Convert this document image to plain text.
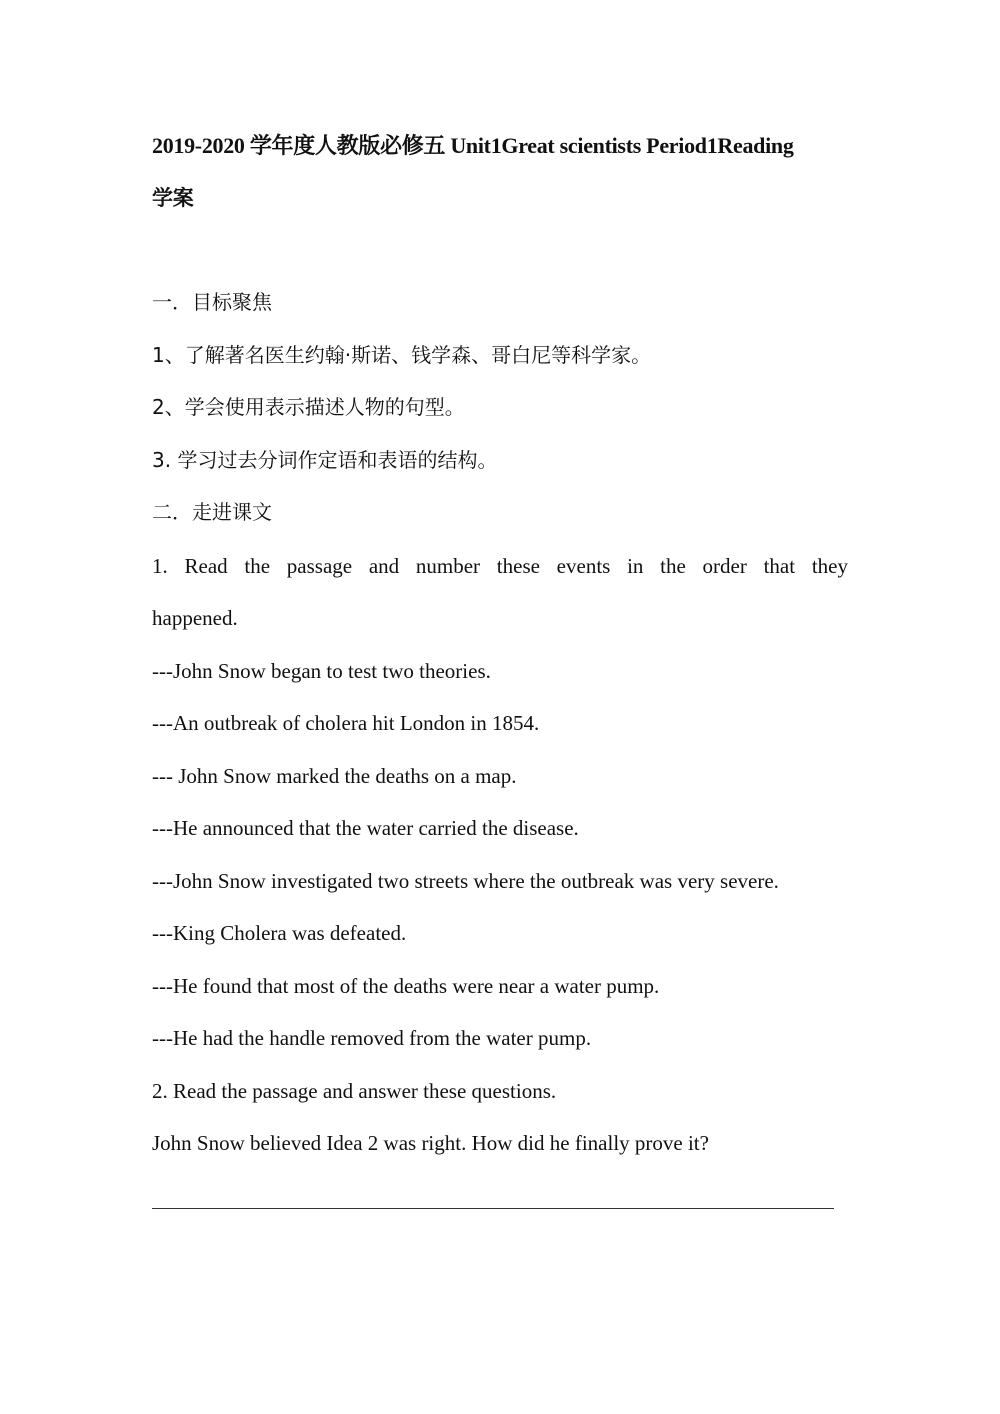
2019-2020 学年度人教版必修五 Unit1Great scientists Period1Reading
学案
一．目标聚焦
1、了解著名医生约翰·斯诺、钱学森、哥白尼等科学家。
2、学会使用表示描述人物的句型。
3. 学习过去分词作定语和表语的结构。
二．走进课文
1. Read the passage and number these events in the order that they
happened.
---John Snow began to test two theories.
---An outbreak of cholera hit London in 1854.
--- John Snow marked the deaths on a map.
---He announced that the water carried the disease.
---John Snow investigated two streets where the outbreak was very severe.
---King Cholera was defeated.
---He found that most of the deaths were near a water pump.
---He had the handle removed from the water pump.
2. Read the passage and answer these questions.
John Snow believed Idea 2 was right. How did he finally prove it?
